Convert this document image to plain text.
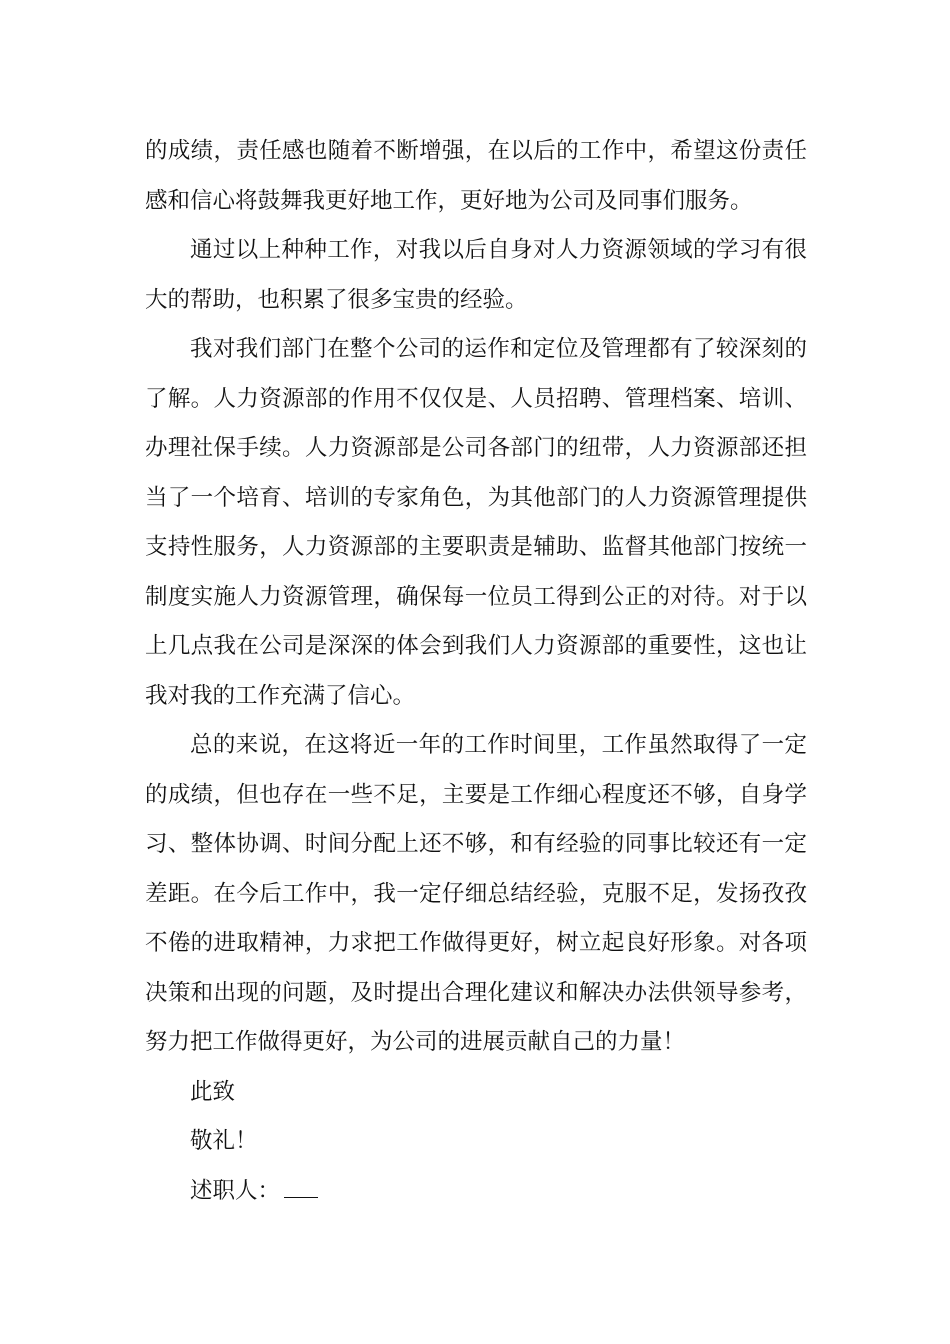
的成绩，责任感也随着不断增强，在以后的工作中，希望这份责任感和信心将鼓舞我更好地工作，更好地为公司及同事们服务。

通过以上种种工作，对我以后自身对人力资源领域的学习有很大的帮助，也积累了很多宝贵的经验。

我对我们部门在整个公司的运作和定位及管理都有了较深刻的了解。人力资源部的作用不仅仅是、人员招聘、管理档案、培训、办理社保手续。人力资源部是公司各部门的纽带，人力资源部还担当了一个培育、培训的专家角色，为其他部门的人力资源管理提供支持性服务，人力资源部的主要职责是辅助、监督其他部门按统一制度实施人力资源管理，确保每一位员工得到公正的对待。对于以上几点我在公司是深深的体会到我们人力资源部的重要性，这也让我对我的工作充满了信心。

总的来说，在这将近一年的工作时间里，工作虽然取得了一定的成绩，但也存在一些不足，主要是工作细心程度还不够，自身学习、整体协调、时间分配上还不够，和有经验的同事比较还有一定差距。在今后工作中，我一定仔细总结经验，克服不足，发扬孜孜不倦的进取精神，力求把工作做得更好，树立起良好形象。对各项决策和出现的问题，及时提出合理化建议和解决办法供领导参考，努力把工作做得更好，为公司的进展贡献自己的力量！

此致

敬礼！

述职人：
